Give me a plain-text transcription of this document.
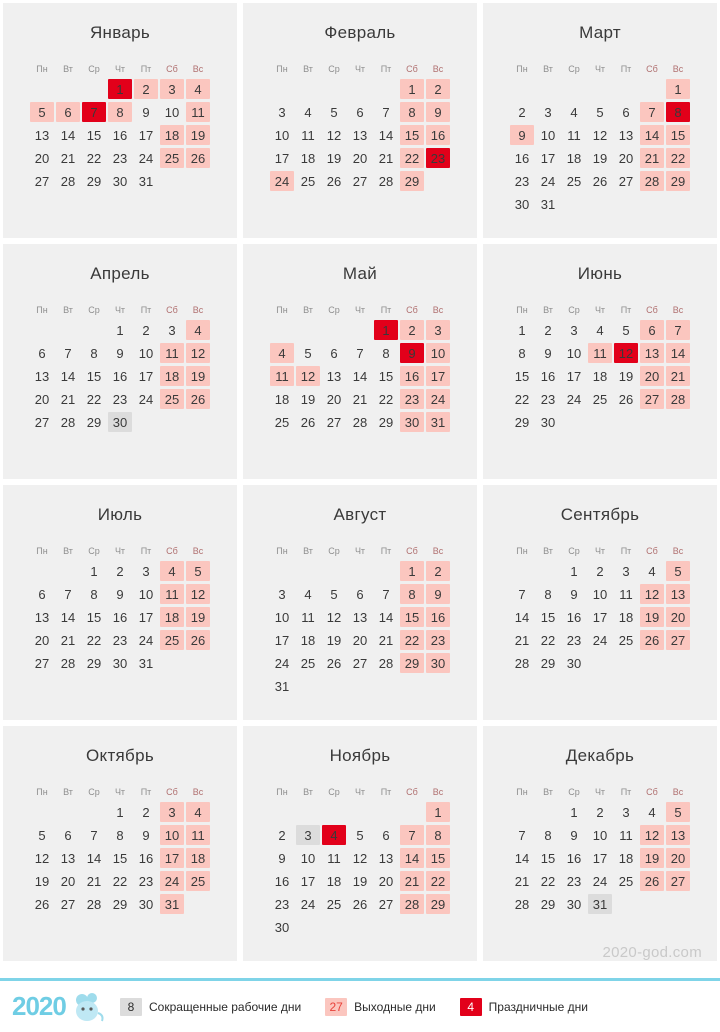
Январь
Пн	Вт	Ср	Чт	Пт	Сб	Вс
			1	2	3	4
5	6	7	8	9	10	11
13	14	15	16	17	18	19
20	21	22	23	24	25	26
27	28	29	30	31		
Февраль
Пн	Вт	Ср	Чт	Пт	Сб	Вс
					1	2
3	4	5	6	7	8	9
10	11	12	13	14	15	16
17	18	19	20	21	22	23
24	25	26	27	28	29	
Март
Пн	Вт	Ср	Чт	Пт	Сб	Вс
						1
2	3	4	5	6	7	8
9	10	11	12	13	14	15
16	17	18	19	20	21	22
23	24	25	26	27	28	29
30	31					
Апрель
Пн	Вт	Ср	Чт	Пт	Сб	Вс
			1	2	3	4
6	7	8	9	10	11	12
13	14	15	16	17	18	19
20	21	22	23	24	25	26
27	28	29	30			
Май
Пн	Вт	Ср	Чт	Пт	Сб	Вс
				1	2	3
4	5	6	7	8	9	10
11	12	13	14	15	16	17
18	19	20	21	22	23	24
25	26	27	28	29	30	31
Июнь
Пн	Вт	Ср	Чт	Пт	Сб	Вс
1	2	3	4	5	6	7
8	9	10	11	12	13	14
15	16	17	18	19	20	21
22	23	24	25	26	27	28
29	30					
Июль
Пн	Вт	Ср	Чт	Пт	Сб	Вс
		1	2	3	4	5
6	7	8	9	10	11	12
13	14	15	16	17	18	19
20	21	22	23	24	25	26
27	28	29	30	31		
Август
Пн	Вт	Ср	Чт	Пт	Сб	Вс
					1	2
3	4	5	6	7	8	9
10	11	12	13	14	15	16
17	18	19	20	21	22	23
24	25	26	27	28	29	30
31						
Сентябрь
Пн	Вт	Ср	Чт	Пт	Сб	Вс
		1	2	3	4	5
7	8	9	10	11	12	13
14	15	16	17	18	19	20
21	22	23	24	25	26	27
28	29	30				
Октябрь
Пн	Вт	Ср	Чт	Пт	Сб	Вс
			1	2	3	4
5	6	7	8	9	10	11
12	13	14	15	16	17	18
19	20	21	22	23	24	25
26	27	28	29	30	31	
Ноябрь
Пн	Вт	Ср	Чт	Пт	Сб	Вс
						1
2	3	4	5	6	7	8
9	10	11	12	13	14	15
16	17	18	19	20	21	22
23	24	25	26	27	28	29
30						
Декабрь
Пн	Вт	Ср	Чт	Пт	Сб	Вс
		1	2	3	4	5
7	8	9	10	11	12	13
14	15	16	17	18	19	20
21	22	23	24	25	26	27
28	29	30	31			
2020-god.com
2020	8	Сокращенные рабочие дни	27 Выходные дни	4	Праздничные дни
